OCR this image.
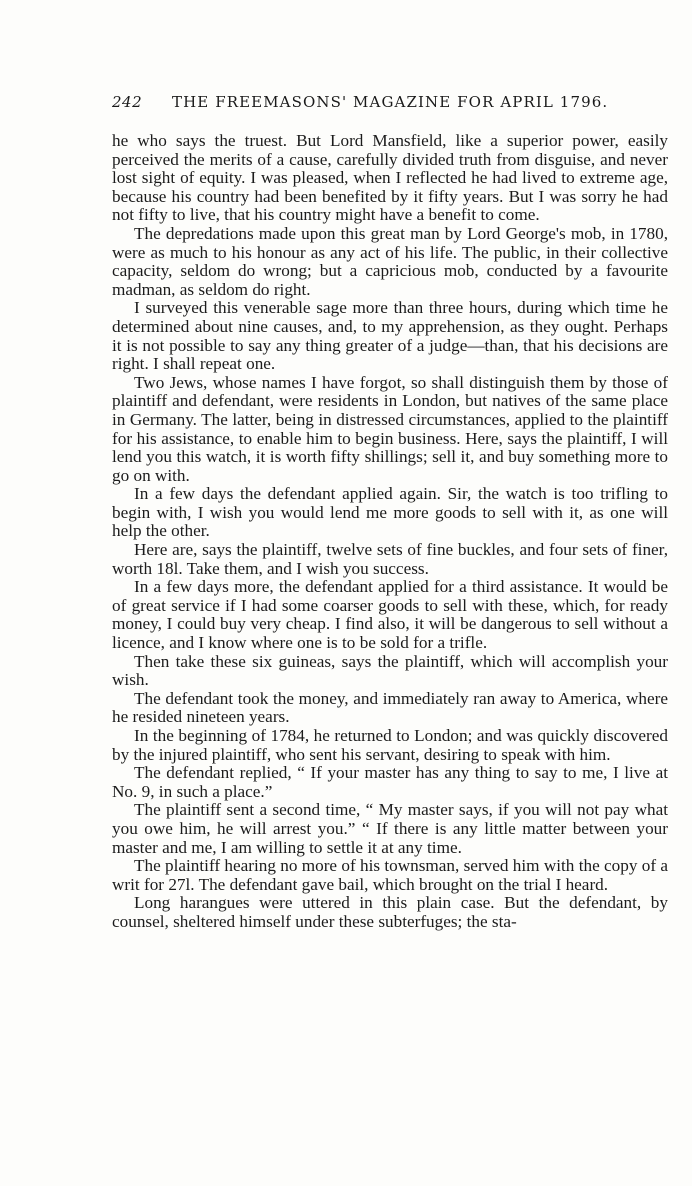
242 THE FREEMASONS' MAGAZINE FOR APRIL 1796.

he who says the truest. But Lord Mansfield, like a superior power, easily perceived the merits of a cause, carefully divided truth from disguise, and never lost sight of equity. I was pleased, when I reflected he had lived to extreme age, because his country had been benefited by it fifty years. But I was sorry he had not fifty to live, that his country might have a benefit to come.

The depredations made upon this great man by Lord George's mob, in 1780, were as much to his honour as any act of his life. The public, in their collective capacity, seldom do wrong; but a capricious mob, conducted by a favourite madman, as seldom do right.

I surveyed this venerable sage more than three hours, during which time he determined about nine causes, and, to my apprehension, as they ought. Perhaps it is not possible to say any thing greater of a judge—than, that his decisions are right. I shall repeat one.

Two Jews, whose names I have forgot, so shall distinguish them by those of plaintiff and defendant, were residents in London, but natives of the same place in Germany. The latter, being in distressed circumstances, applied to the plaintiff for his assistance, to enable him to begin business. Here, says the plaintiff, I will lend you this watch, it is worth fifty shillings; sell it, and buy something more to go on with.

In a few days the defendant applied again. Sir, the watch is too trifling to begin with, I wish you would lend me more goods to sell with it, as one will help the other.

Here are, says the plaintiff, twelve sets of fine buckles, and four sets of finer, worth 18l. Take them, and I wish you success.

In a few days more, the defendant applied for a third assistance. It would be of great service if I had some coarser goods to sell with these, which, for ready money, I could buy very cheap. I find also, it will be dangerous to sell without a licence, and I know where one is to be sold for a trifle.

Then take these six guineas, says the plaintiff, which will accomplish your wish.

The defendant took the money, and immediately ran away to America, where he resided nineteen years.

In the beginning of 1784, he returned to London; and was quickly discovered by the injured plaintiff, who sent his servant, desiring to speak with him.

The defendant replied, “ If your master has any thing to say to me, I live at No. 9, in such a place.”

The plaintiff sent a second time, “ My master says, if you will not pay what you owe him, he will arrest you.” “ If there is any little matter between your master and me, I am willing to settle it at any time.

The plaintiff hearing no more of his townsman, served him with the copy of a writ for 27l. The defendant gave bail, which brought on the trial I heard.

Long harangues were uttered in this plain case. But the defendant, by counsel, sheltered himself under these subterfuges; the sta-
